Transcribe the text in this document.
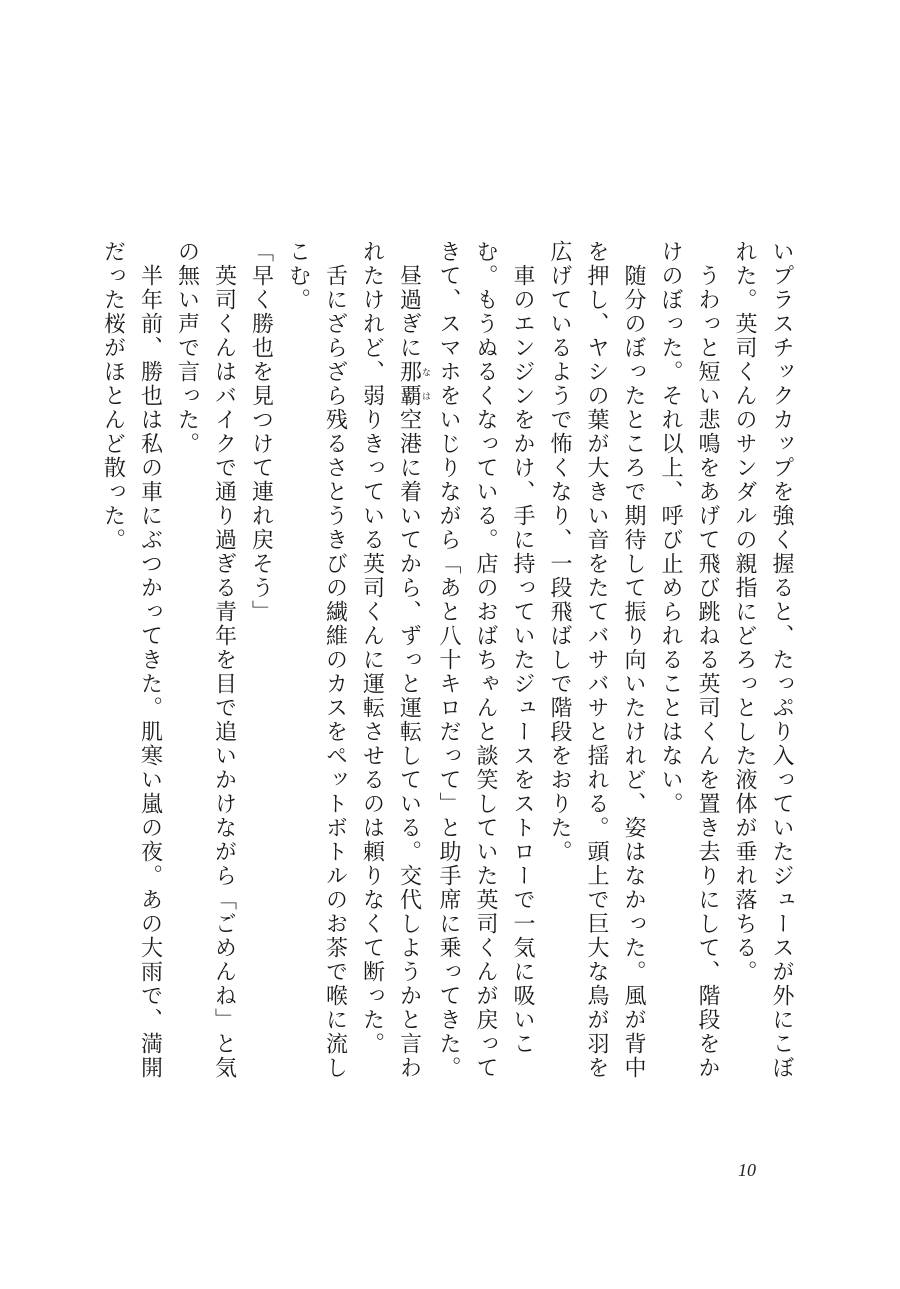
いプラスチックカップを強く握ると、たっぷり入っていたジュースが外にこぼれた。英司くんのサンダルの親指にどろっとした液体が垂れ落ちる。

　うわっと短い悲鳴をあげて飛び跳ねる英司くんを置き去りにして、階段をかけのぼった。それ以上、呼び止められることはない。

　随分のぼったところで期待して振り向いたけれど、姿はなかった。風が背中を押し、ヤシの葉が大きい音をたてバサバサと揺れる。頭上で巨大な鳥が羽を広げているようで怖くなり、一段飛ばしで階段をおりた。

　車のエンジンをかけ、手に持っていたジュースをストローで一気に吸いこむ。もうぬるくなっている。店のおばちゃんと談笑していた英司くんが戻ってきて、スマホをいじりながら「あと八十キロだって」と助手席に乗ってきた。

　昼過ぎに那覇なは空港に着いてから、ずっと運転している。交代しようかと言われたけれど、弱りきっている英司くんに運転させるのは頼りなくて断った。

　舌にざらざら残るさとうきびの繊維のカスをペットボトルのお茶で喉に流しこむ。

「早く勝也を見つけて連れ戻そう」

　英司くんはバイクで通り過ぎる青年を目で追いかけながら「ごめんね」と気の無い声で言った。

　半年前、勝也は私の車にぶつかってきた。肌寒い嵐の夜。あの大雨で、満開だった桜がほとんど散った。

10
